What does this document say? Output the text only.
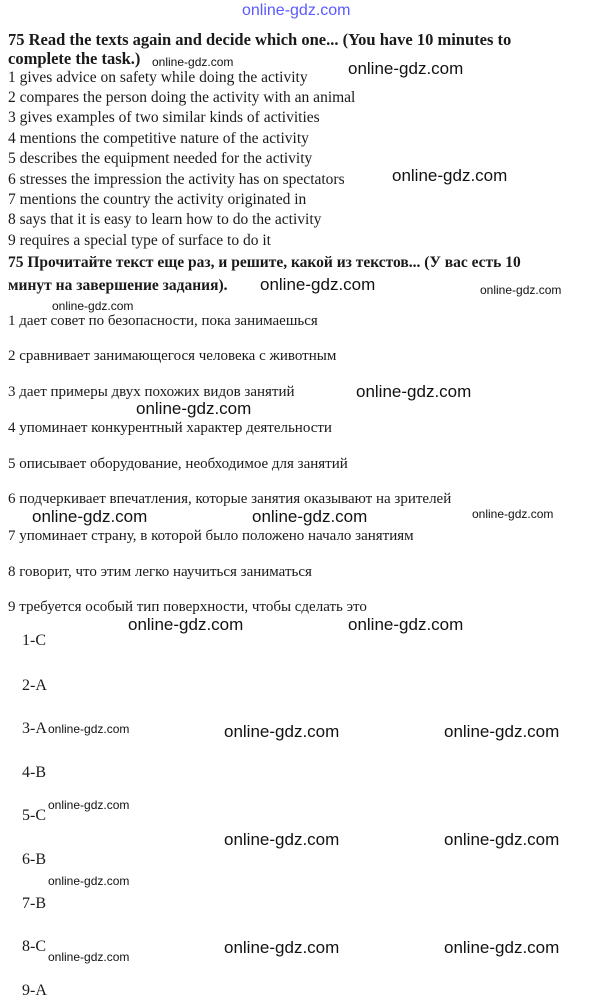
online-gdz.com
75 Read the texts again and decide which one... (You have 10 minutes to
complete the task.)
1 gives advice on safety while doing the activity
2 compares the person doing the activity with an animal
3 gives examples of two similar kinds of activities
4 mentions the competitive nature of the activity
5 describes the equipment needed for the activity
6 stresses the impression the activity has on spectators
7 mentions the country the activity originated in
8 says that it is easy to learn how to do the activity
9 requires a special type of surface to do it
75 Прочитайте текст еще раз, и решите, какой из текстов... (У вас есть 10
минут на завершение задания).
1 дает совет по безопасности, пока занимаешься
2 сравнивает занимающегося человека с животным
3 дает примеры двух похожих видов занятий
4 упоминает конкурентный характер деятельности
5 описывает оборудование, необходимое для занятий
6 подчеркивает впечатления, которые занятия оказывают на зрителей
7 упоминает страну, в которой было положено начало занятиям
8 говорит, что этим легко научиться заниматься
9 требуется особый тип поверхности, чтобы сделать это
1-C
2-A
3-A
4-B
5-C
6-B
7-B
8-C
9-A
online-gdz.com
online-gdz.com
online-gdz.com
online-gdz.com	online-gdz.com
online-gdz.com
online-gdz.com
online-gdz.com
online-gdz.com	online-gdz.com	online-gdz.com
online-gdz.com	online-gdz.com
online-gdz.com	online-gdz.com	online-gdz.com
online-gdz.com
online-gdz.com	online-gdz.com
online-gdz.com
online-gdz.com	online-gdz.com
online-gdz.com
